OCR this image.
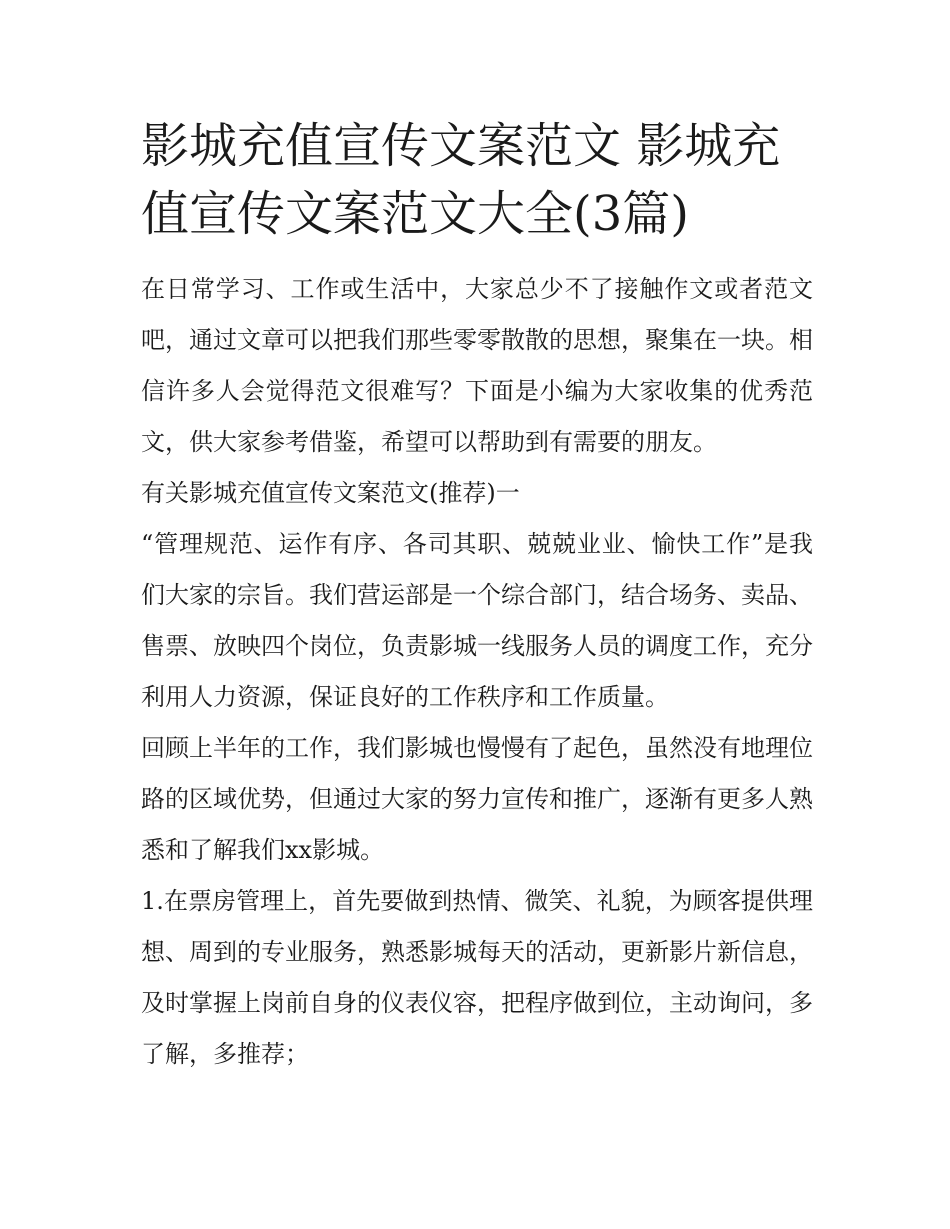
影城充值宣传文案范文 影城充值宣传文案范文大全(3篇)

在日常学习、工作或生活中，大家总少不了接触作文或者范文吧，通过文章可以把我们那些零零散散的思想，聚集在一块。相信许多人会觉得范文很难写？下面是小编为大家收集的优秀范文，供大家参考借鉴，希望可以帮助到有需要的朋友。

有关影城充值宣传文案范文(推荐)一

“管理规范、运作有序、各司其职、兢兢业业、愉快工作”是我们大家的宗旨。我们营运部是一个综合部门，结合场务、卖品、售票、放映四个岗位，负责影城一线服务人员的调度工作，充分利用人力资源，保证良好的工作秩序和工作质量。

回顾上半年的工作，我们影城也慢慢有了起色，虽然没有地理位路的区域优势，但通过大家的努力宣传和推广，逐渐有更多人熟悉和了解我们xx影城。

1.在票房管理上，首先要做到热情、微笑、礼貌，为顾客提供理想、周到的专业服务，熟悉影城每天的活动，更新影片新信息，及时掌握上岗前自身的仪表仪容，把程序做到位，主动询问，多了解，多推荐；
